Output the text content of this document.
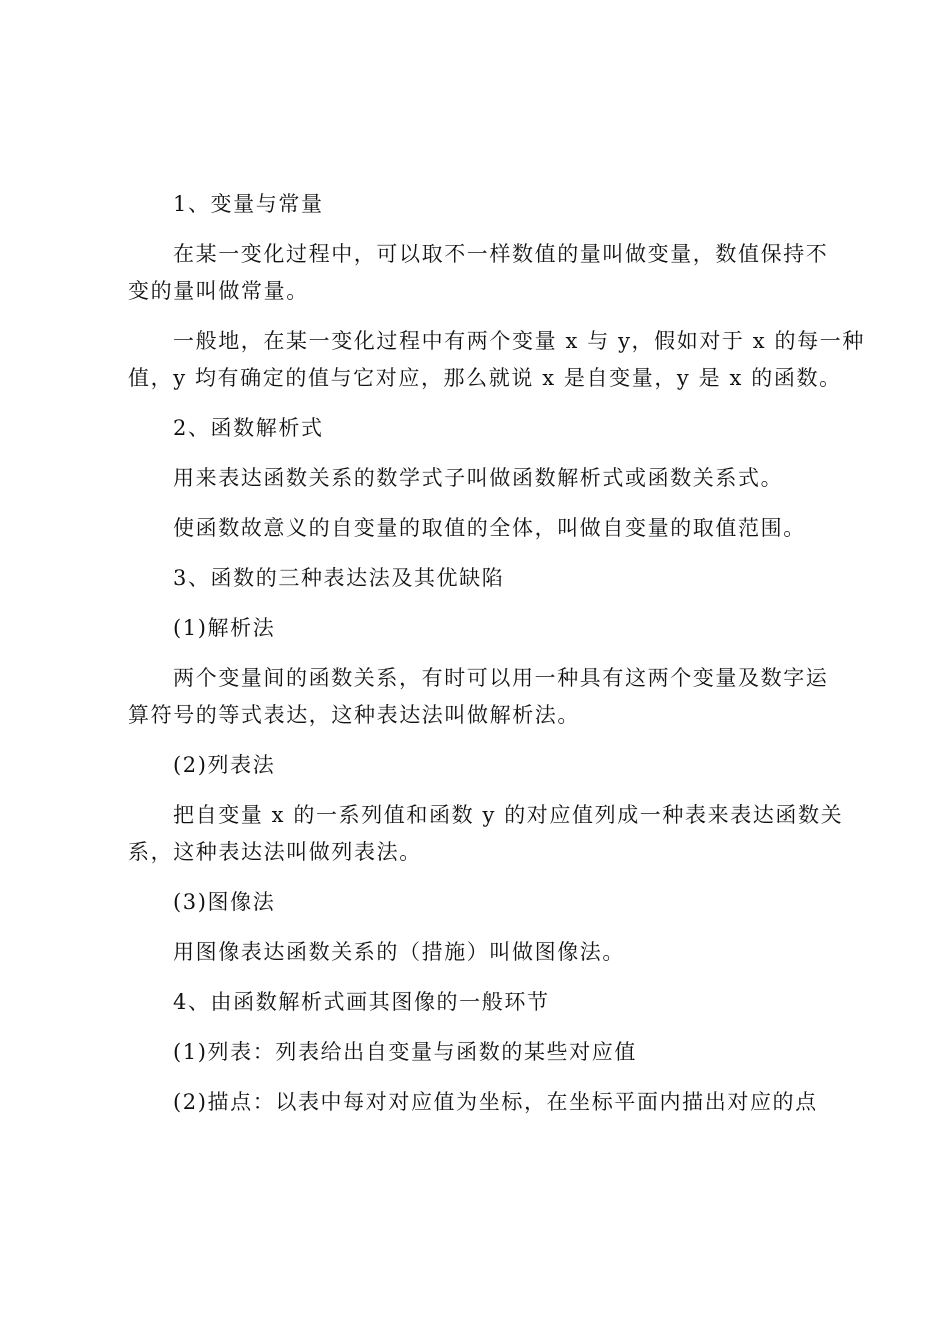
1、变量与常量
在某一变化过程中，可以取不一样数值的量叫做变量，数值保持不
变的量叫做常量。
一般地，在某一变化过程中有两个变量 x 与 y，假如对于 x 的每一种
值，y 均有确定的值与它对应，那么就说 x 是自变量，y 是 x 的函数。
2、函数解析式
用来表达函数关系的数学式子叫做函数解析式或函数关系式。
使函数故意义的自变量的取值的全体，叫做自变量的取值范围。
3、函数的三种表达法及其优缺陷
(1)解析法
两个变量间的函数关系，有时可以用一种具有这两个变量及数字运
算符号的等式表达，这种表达法叫做解析法。
(2)列表法
把自变量 x 的一系列值和函数 y 的对应值列成一种表来表达函数关
系，这种表达法叫做列表法。
(3)图像法
用图像表达函数关系的（措施）叫做图像法。
4、由函数解析式画其图像的一般环节
(1)列表：列表给出自变量与函数的某些对应值
(2)描点：以表中每对对应值为坐标，在坐标平面内描出对应的点
